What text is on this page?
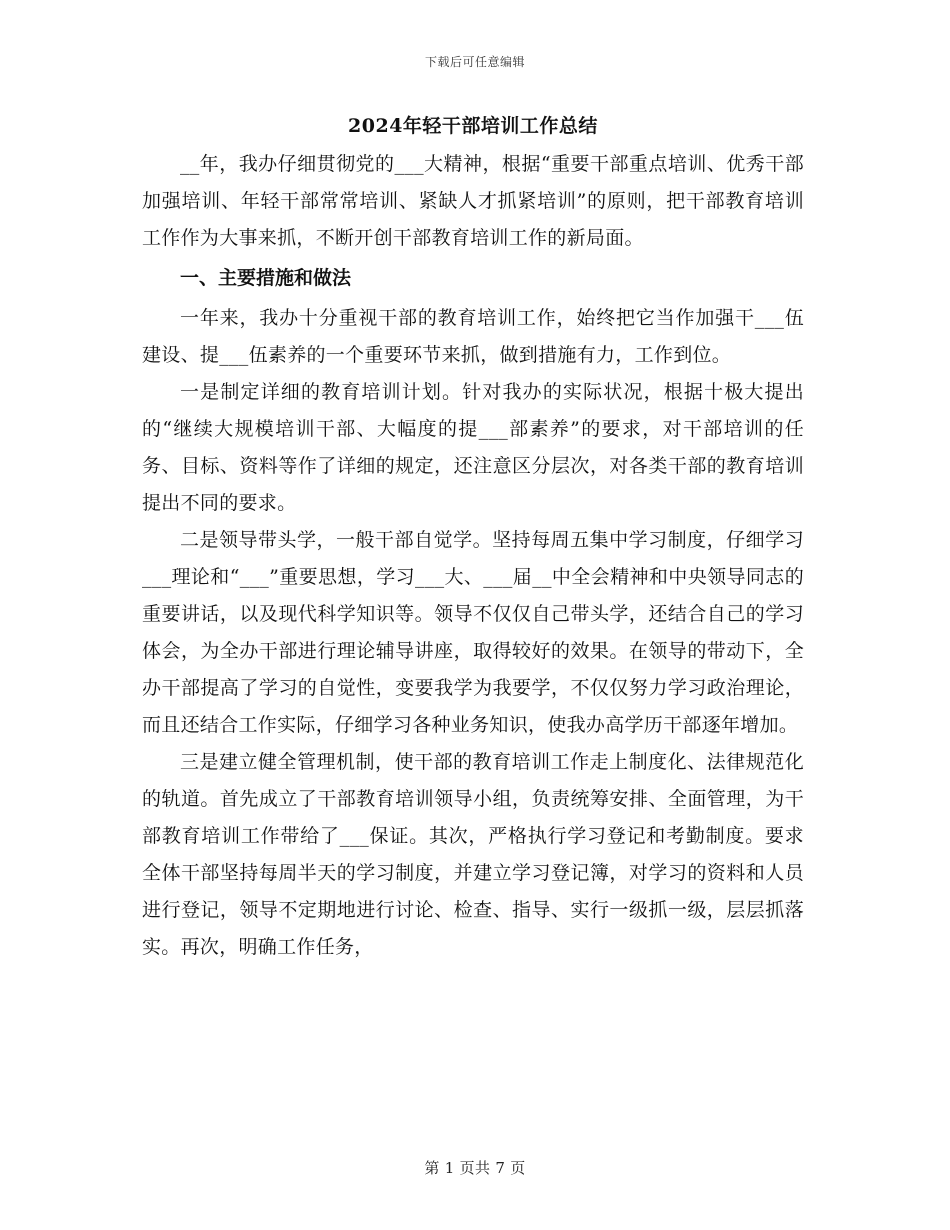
下载后可任意编辑
2024年轻干部培训工作总结

__年，我办仔细贯彻党的___大精神，根据“重要干部重点培训、优秀干部加强培训、年轻干部常常培训、紧缺人才抓紧培训”的原则，把干部教育培训工作作为大事来抓，不断开创干部教育培训工作的新局面。

一、主要措施和做法

一年来，我办十分重视干部的教育培训工作，始终把它当作加强干___伍建设、提___伍素养的一个重要环节来抓，做到措施有力，工作到位。

一是制定详细的教育培训计划。针对我办的实际状况，根据十极大提出的“继续大规模培训干部、大幅度的提___部素养”的要求，对干部培训的任务、目标、资料等作了详细的规定，还注意区分层次，对各类干部的教育培训提出不同的要求。

二是领导带头学，一般干部自觉学。坚持每周五集中学习制度，仔细学习___理论和“___”重要思想，学习___大、___届__中全会精神和中央领导同志的重要讲话，以及现代科学知识等。领导不仅仅自己带头学，还结合自己的学习体会，为全办干部进行理论辅导讲座，取得较好的效果。在领导的带动下，全办干部提高了学习的自觉性，变要我学为我要学，不仅仅努力学习政治理论，而且还结合工作实际，仔细学习各种业务知识，使我办高学历干部逐年增加。

三是建立健全管理机制，使干部的教育培训工作走上制度化、法律规范化的轨道。首先成立了干部教育培训领导小组，负责统筹安排、全面管理，为干部教育培训工作带给了___保证。其次，严格执行学习登记和考勤制度。要求全体干部坚持每周半天的学习制度，并建立学习登记簿，对学习的资料和人员进行登记，领导不定期地进行讨论、检查、指导、实行一级抓一级，层层抓落实。再次，明确工作任务，

第 1 页共 7 页
